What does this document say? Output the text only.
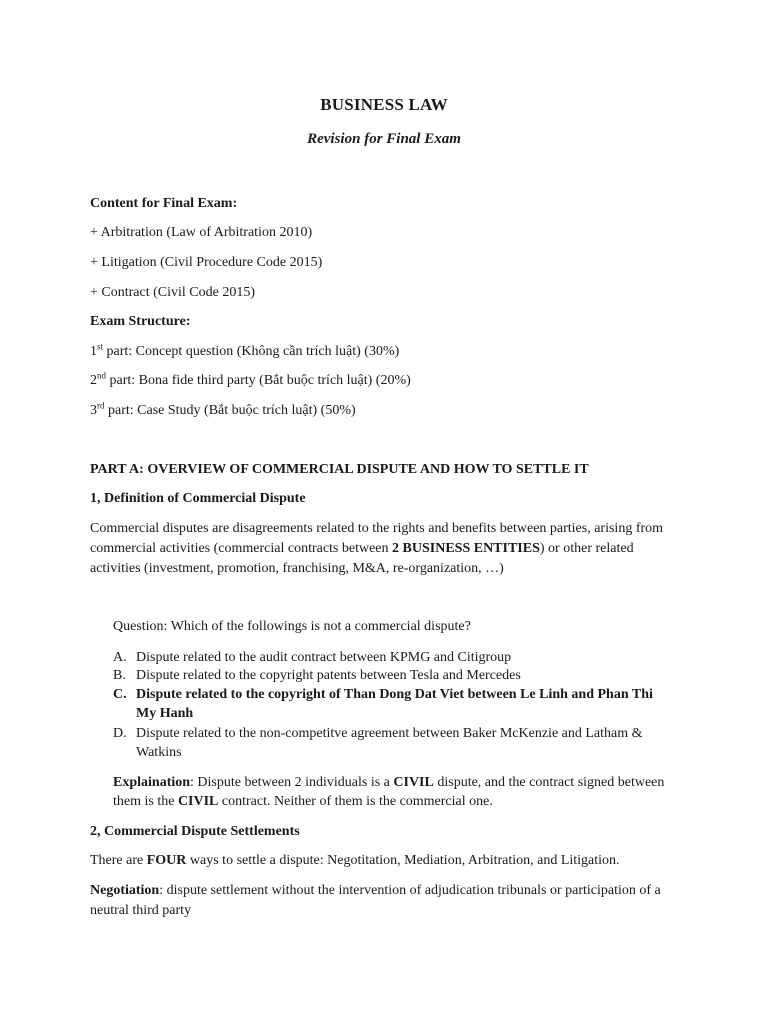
BUSINESS LAW
Revision for Final Exam
Content for Final Exam:
+ Arbitration (Law of Arbitration 2010)
+ Litigation (Civil Procedure Code 2015)
+ Contract (Civil Code 2015)
Exam Structure:
1st part: Concept question (Không cần trích luật) (30%)
2nd part: Bona fide third party (Bắt buộc trích luật) (20%)
3rd part: Case Study (Bắt buộc trích luật) (50%)
PART A: OVERVIEW OF COMMERCIAL DISPUTE AND HOW TO SETTLE IT
1, Definition of Commercial Dispute
Commercial disputes are disagreements related to the rights and benefits between parties, arising from commercial activities (commercial contracts between 2 BUSINESS ENTITIES) or other related activities (investment, promotion, franchising, M&A, re-organization, …)
Question: Which of the followings is not a commercial dispute?
A. Dispute related to the audit contract between KPMG and Citigroup
B. Dispute related to the copyright patents between Tesla and Mercedes
C. Dispute related to the copyright of Than Dong Dat Viet between Le Linh and Phan Thi My Hanh
D. Dispute related to the non-competitve agreement between Baker McKenzie and Latham & Watkins
Explaination: Dispute between 2 individuals is a CIVIL dispute, and the contract signed between them is the CIVIL contract. Neither of them is the commercial one.
2, Commercial Dispute Settlements
There are FOUR ways to settle a dispute: Negotitation, Mediation, Arbitration, and Litigation.
Negotiation: dispute settlement without the intervention of adjudication tribunals or participation of a neutral third party
